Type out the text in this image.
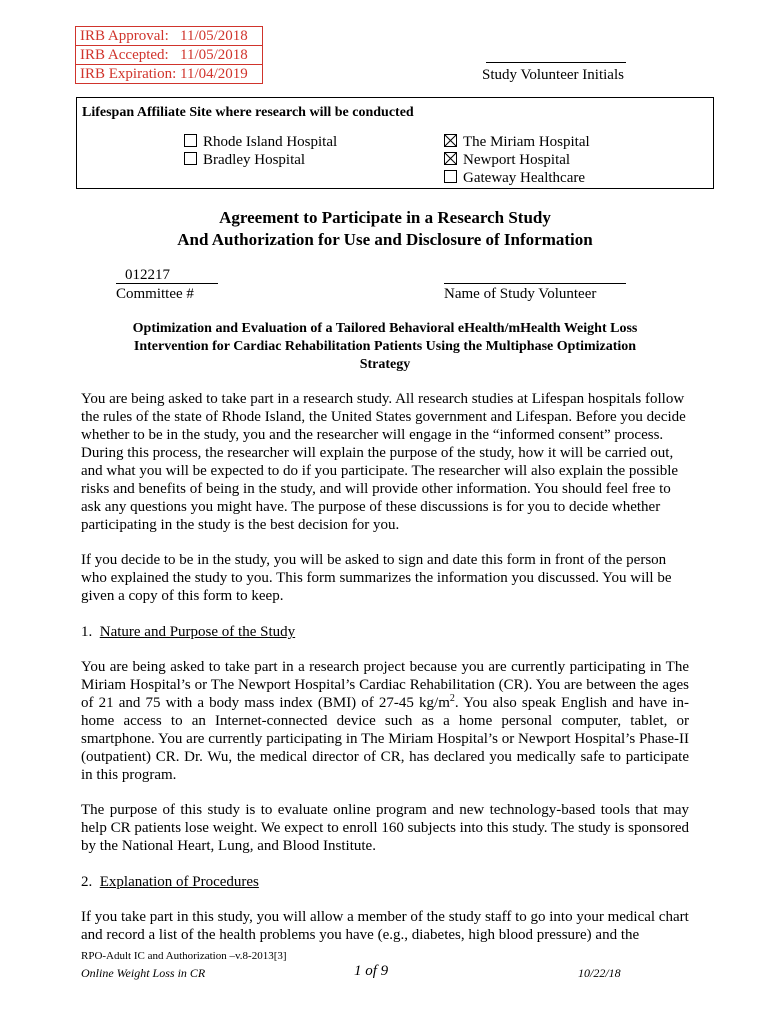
IRB Approval: 11/05/2018
IRB Accepted: 11/05/2018
IRB Expiration: 11/04/2019	Study Volunteer Initials
Lifespan Affiliate Site where research will be conducted
Rhode Island Hospital
Bradley Hospital
The Miriam Hospital
Newport Hospital
Gateway Healthcare
Agreement to Participate in a Research Study
And Authorization for Use and Disclosure of Information
012217
Committee #	Name of Study Volunteer
Optimization and Evaluation of a Tailored Behavioral eHealth/mHealth Weight Loss
Intervention for Cardiac Rehabilitation Patients Using the Multiphase Optimization
Strategy
You are being asked to take part in a research study. All research studies at Lifespan hospitals follow the rules of the state of Rhode Island, the United States government and Lifespan. Before you decide whether to be in the study, you and the researcher will engage in the “informed consent” process. During this process, the researcher will explain the purpose of the study, how it will be carried out, and what you will be expected to do if you participate. The researcher will also explain the possible risks and benefits of being in the study, and will provide other information. You should feel free to ask any questions you might have. The purpose of these discussions is for you to decide whether participating in the study is the best decision for you.
If you decide to be in the study, you will be asked to sign and date this form in front of the person who explained the study to you. This form summarizes the information you discussed. You will be given a copy of this form to keep.
1. Nature and Purpose of the Study
You are being asked to take part in a research project because you are currently participating in The Miriam Hospital’s or The Newport Hospital’s Cardiac Rehabilitation (CR). You are between the ages of 21 and 75 with a body mass index (BMI) of 27-45 $kg/m^2$. You also speak English and have in-home access to an Internet-connected device such as a home personal computer, tablet, or smartphone. You are currently participating in The Miriam Hospital’s or Newport Hospital’s Phase-II (outpatient) CR. Dr. Wu, the medical director of CR, has declared you medically safe to participate in this program.
The purpose of this study is to evaluate online program and new technology-based tools that may help CR patients lose weight. We expect to enroll 160 subjects into this study. The study is sponsored by the National Heart, Lung, and Blood Institute.
2. Explanation of Procedures
If you take part in this study, you will allow a member of the study staff to go into your medical chart and record a list of the health problems you have (e.g., diabetes, high blood pressure) and the
RPO-Adult IC and Authorization –v.8-2013[3]
Online Weight Loss in CR	1 of 9	10/22/18
